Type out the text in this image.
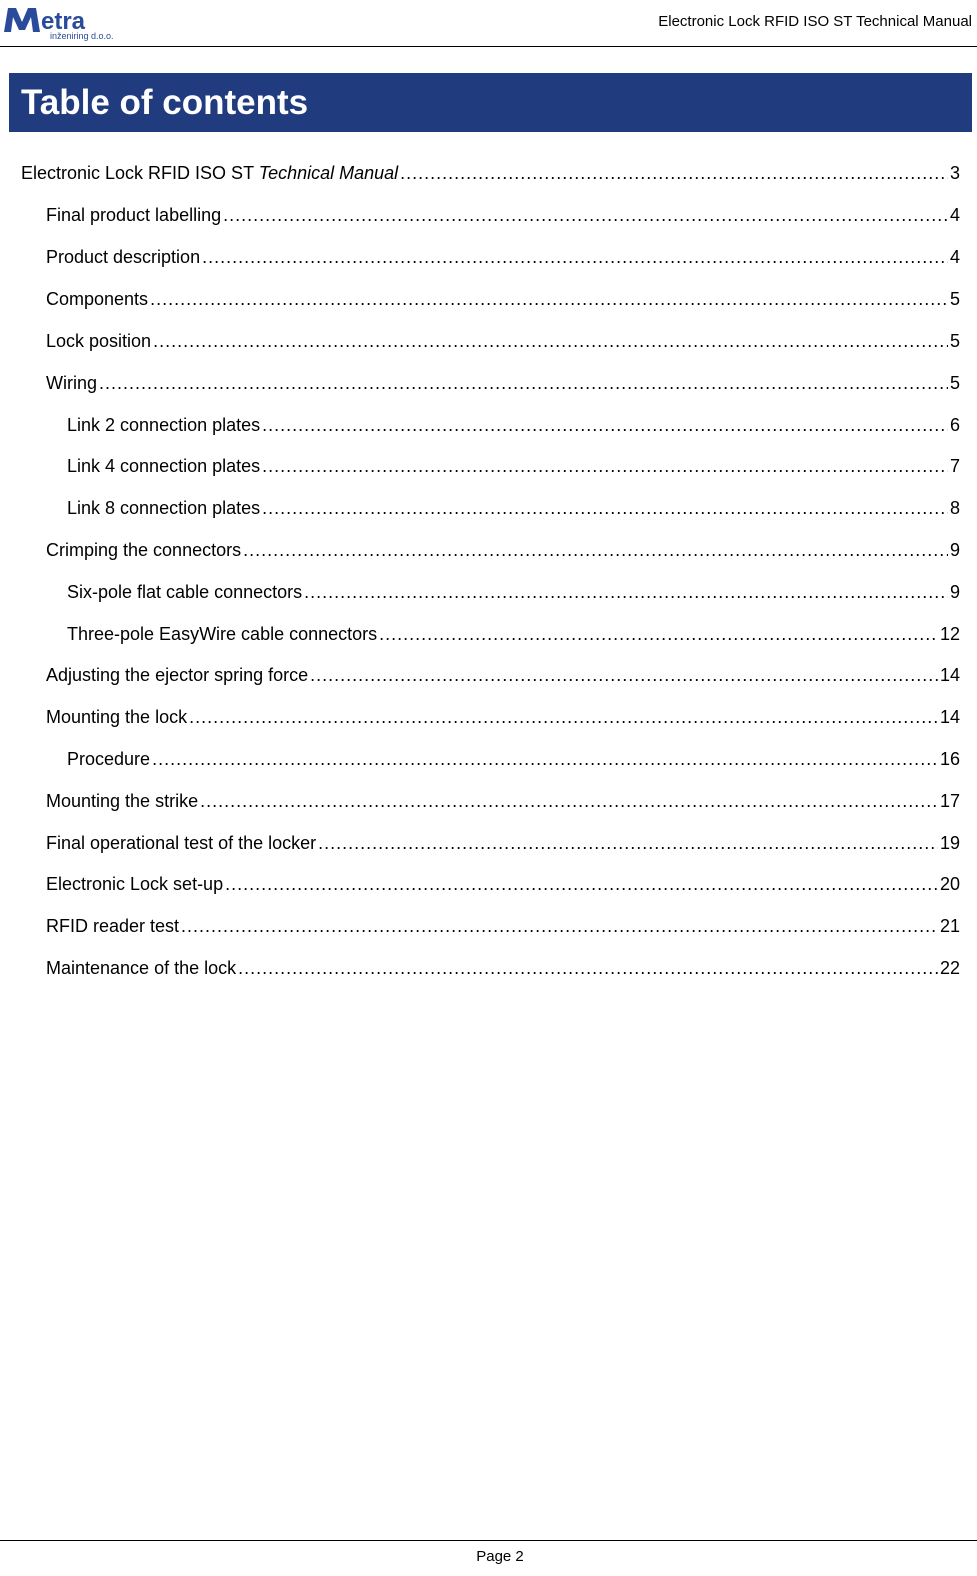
etra
inženiring d.o.o.
Electronic Lock RFID ISO ST Technical Manual
Table of contents
Electronic Lock RFID ISO ST Technical Manual .....	3
Final product labelling .....	4
Product description .....	4
Components .....	5
Lock position .....	5
Wiring .....	5
Link 2 connection plates .....	6
Link 4 connection plates .....	7
Link 8 connection plates .....	8
Crimping the connectors .....	9
Six-pole flat cable connectors .....	9
Three-pole EasyWire cable connectors .....	12
Adjusting the ejector spring force .....	14
Mounting the lock .....	14
Procedure .....	16
Mounting the strike .....	17
Final operational test of the locker .....	19
Electronic Lock set-up .....	20
RFID reader test .....	21
Maintenance of the lock .....	22
Page 2
